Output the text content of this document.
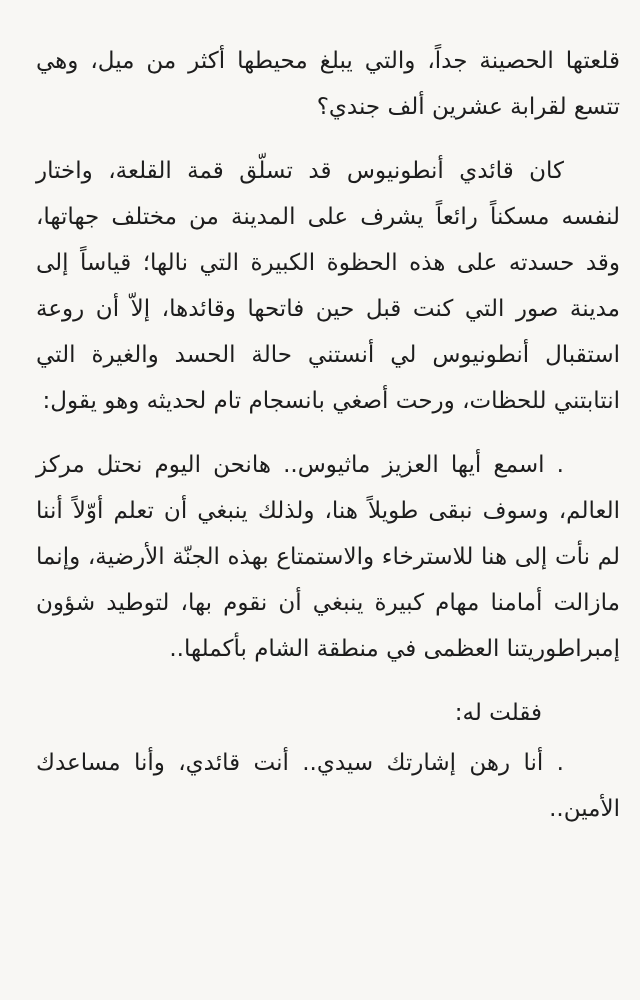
قلعتها الحصينة جداً، والتي يبلغ محيطها أكثر من ميل، وهي تتسع لقرابة عشرين ألف جندي؟

كان قائدي أنطونيوس قد تسلّق قمة القلعة، واختار لنفسه مسكناً رائعاً يشرف على المدينة من مختلف جهاتها، وقد حسدته على هذه الحظوة الكبيرة التي نالها؛ قياساً إلى مدينة صور التي كنت قبل حين فاتحها وقائدها، إلاّ أن روعة استقبال أنطونيوس لي أنستني حالة الحسد والغيرة التي انتابتني للحظات، ورحت أصغي بانسجام تام لحديثه وهو يقول:

. اسمع أيها العزيز ماثيوس.. هانحن اليوم نحتل مركز العالم، وسوف نبقى طويلاً هنا، ولذلك ينبغي أن تعلم أوّلاً أننا لم نأت إلى هنا للاسترخاء والاستمتاع بهذه الجنّة الأرضية، وإنما مازالت أمامنا مهام كبيرة ينبغي أن نقوم بها، لتوطيد شؤون إمبراطوريتنا العظمى في منطقة الشام بأكملها..

فقلت له:

. أنا رهن إشارتك سيدي.. أنت قائدي، وأنا مساعدك الأمين..
